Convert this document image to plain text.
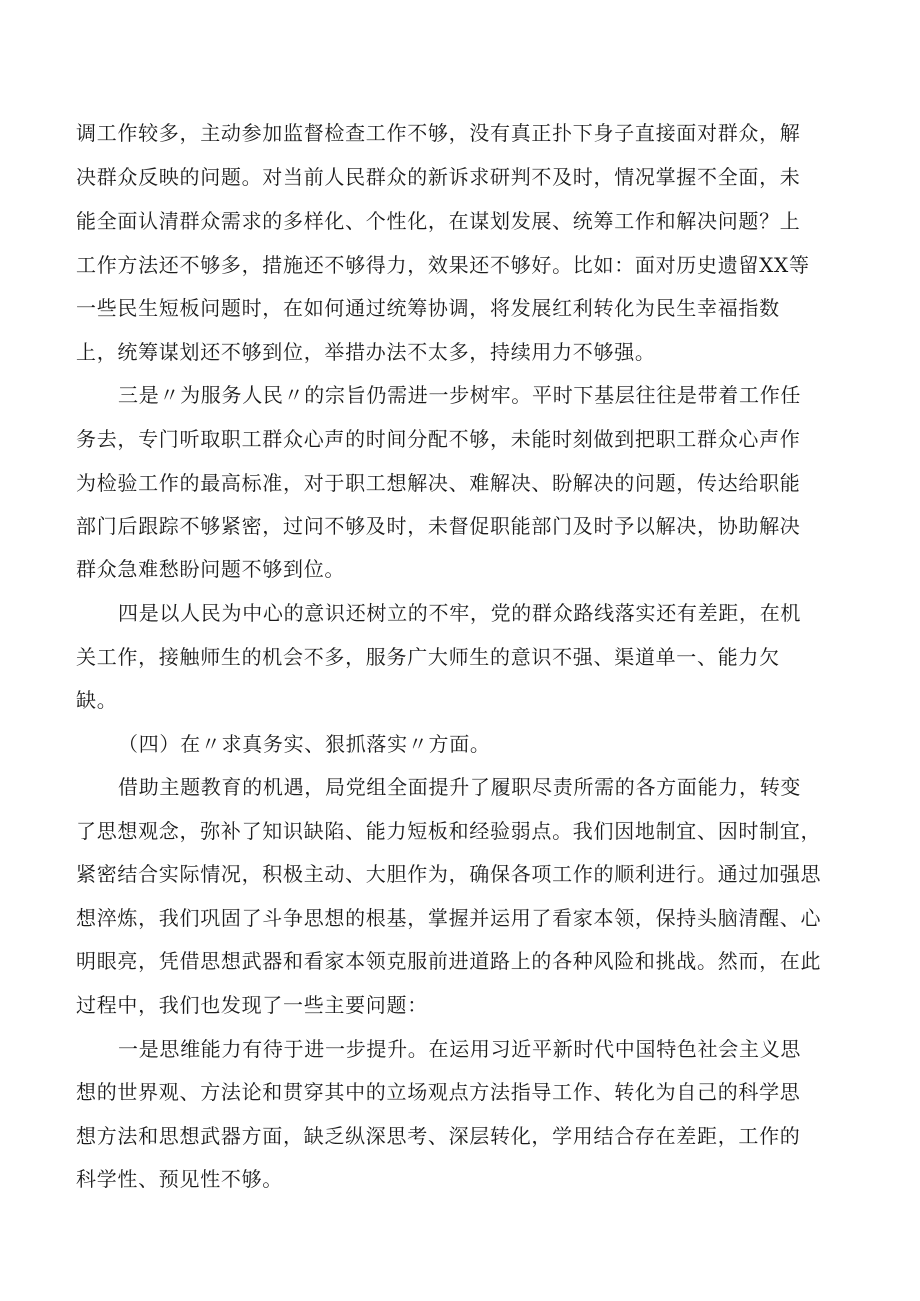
调工作较多，主动参加监督检查工作不够，没有真正扑下身子直接面对群众，解
决群众反映的问题。对当前人民群众的新诉求研判不及时，情况掌握不全面，未
能全面认清群众需求的多样化、个性化，在谋划发展、统筹工作和解决问题？上
工作方法还不够多，措施还不够得力，效果还不够好。比如：面对历史遗留XX等
一些民生短板问题时，在如何通过统筹协调，将发展红利转化为民生幸福指数
上，统筹谋划还不够到位，举措办法不太多，持续用力不够强。
三是〃为服务人民〃的宗旨仍需进一步树牢。平时下基层往往是带着工作任
务去，专门听取职工群众心声的时间分配不够，未能时刻做到把职工群众心声作
为检验工作的最高标准，对于职工想解决、难解决、盼解决的问题，传达给职能
部门后跟踪不够紧密，过问不够及时，未督促职能部门及时予以解决，协助解决
群众急难愁盼问题不够到位。
四是以人民为中心的意识还树立的不牢，党的群众路线落实还有差距，在机
关工作，接触师生的机会不多，服务广大师生的意识不强、渠道单一、能力欠
缺。
（四）在〃求真务实、狠抓落实〃方面。
借助主题教育的机遇，局党组全面提升了履职尽责所需的各方面能力，转变
了思想观念，弥补了知识缺陷、能力短板和经验弱点。我们因地制宜、因时制宜，
紧密结合实际情况，积极主动、大胆作为，确保各项工作的顺利进行。通过加强思
想淬炼，我们巩固了斗争思想的根基，掌握并运用了看家本领，保持头脑清醒、心
明眼亮，凭借思想武器和看家本领克服前进道路上的各种风险和挑战。然而，在此
过程中，我们也发现了一些主要问题：
一是思维能力有待于进一步提升。在运用习近平新时代中国特色社会主义思
想的世界观、方法论和贯穿其中的立场观点方法指导工作、转化为自己的科学思
想方法和思想武器方面，缺乏纵深思考、深层转化，学用结合存在差距，工作的
科学性、预见性不够。
